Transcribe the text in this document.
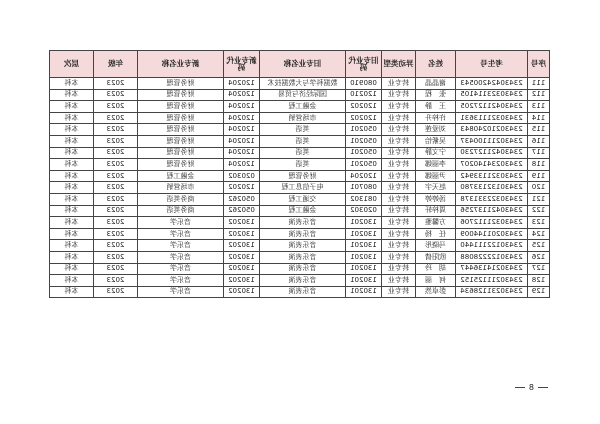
序号	考生号	姓名	异动类型	旧专业代码	旧专业名称	新专业代码	新专业名称	年级	层次
111	23430424200543	谢晶晶	转专业	080910	数据科学与大数据技术	120204	财务管理	2023	本科
112	23430323114105	张　程	转专业	120210	国际经济与贸易	120204	财务管理	2023	本科
113	23430421127205	王　静	转专业	120202	金融工程	120204	财务管理	2023	本科
114	23430321113631	许梓升	转专业	120202	市场营销	120204	财务管理	2023	本科
115	23430210240843	刘爱莲	转专业	050201	英语	120204	财务管理	2023	本科
116	23430211100437	吴紫怡	转专业	050201	英语	120204	财务管理	2023	本科
117	23430421127230	宁文静	转专业	050201	英语	120204	财务管理	2023	本科
118	23430234140207	李丽娜	转专业	050201	英语	120204	财务管理	2023	本科
119	23430321133942	尹丽娜	转专业	120204	财务管理	020302	金融工程	2023	本科
120	23430132133780	赵天宇	转专业	080701	电子信息工程	120202	市场营销	2023	本科
121	23430322331378	汤婷婷	转专业	081302	交通工程	050262	商务英语	2023	本科
122	23430421137256	周梓轩	转专业	020302	金融工程	050262	商务英语	2023	本科
123	23430321112706	方馨雅	转专业	130201	音乐表演	130202	音乐学	2023	本科
124	23430201144009	任　杨	转专业	130201	音乐表演	130202	音乐学	2023	本科
125	23430122111440	马晓彤	转专业	130201	音乐表演	130202	音乐学	2023	本科
126	23430122228088	欧阳倩	转专业	130201	音乐表演	130202	音乐学	2023	本科
127	23430214136447	胡　玲	转专业	130201	音乐表演	130202	音乐学	2023	本科
128	23430211125152	何　丽	转专业	130201	音乐表演	130202	音乐学	2023	本科
129	23430231128634	彭卓然	转专业	130201	音乐表演	130202	音乐学	2023	本科
8
